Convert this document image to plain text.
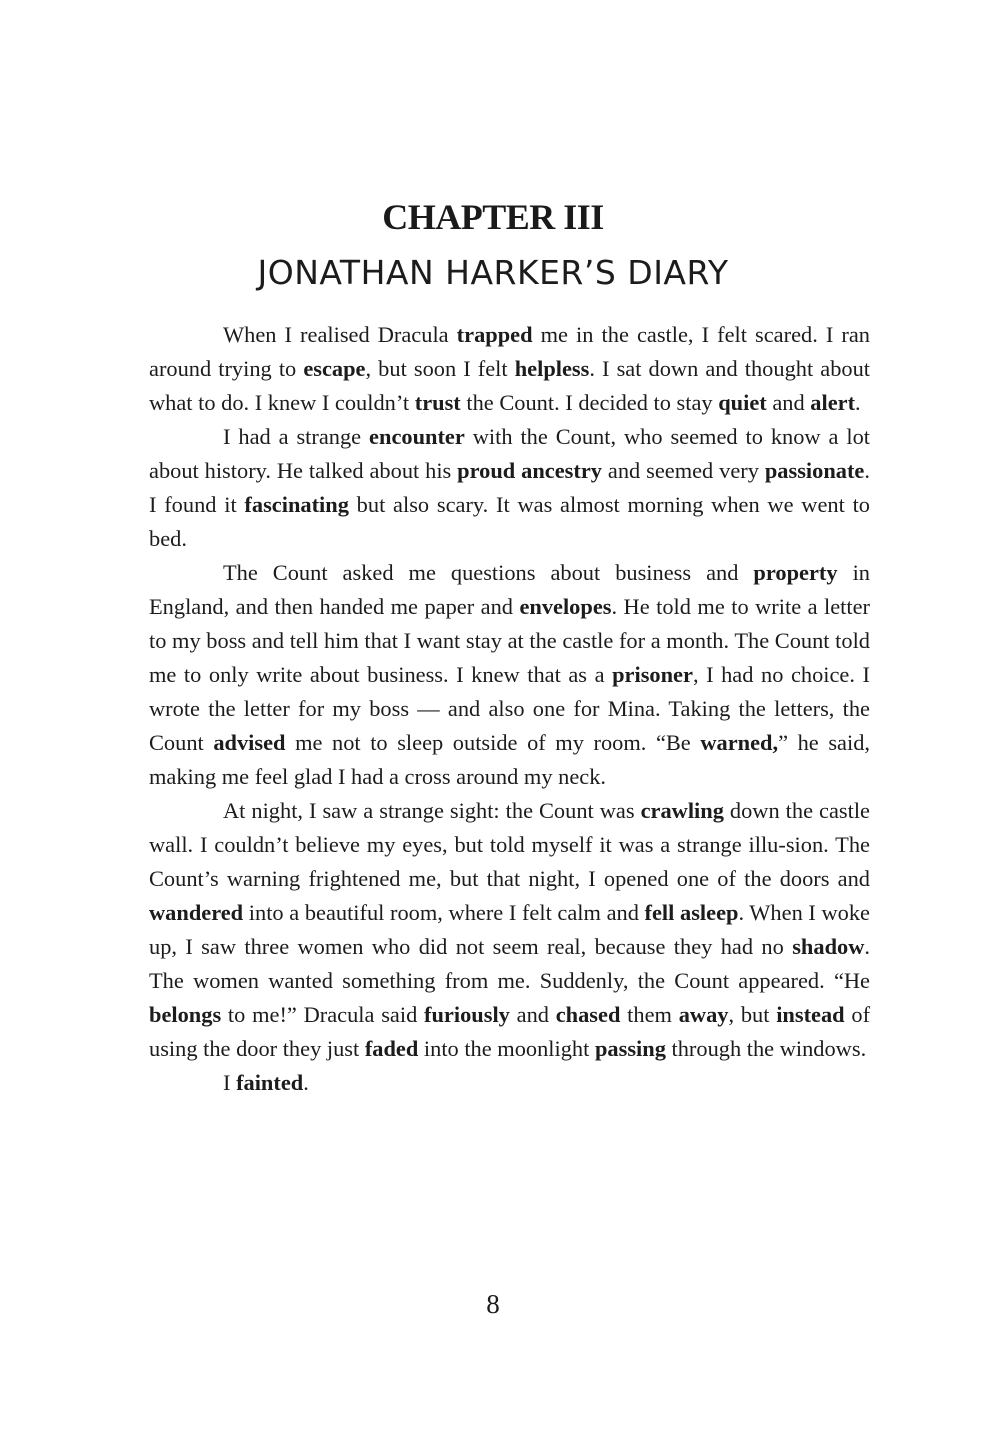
CHAPTER III
JONATHAN HARKER’S DIARY

When I realised Dracula trapped me in the castle, I felt scared. I ran around trying to escape, but soon I felt helpless. I sat down and thought about what to do. I knew I couldn’t trust the Count. I decided to stay quiet and alert.

I had a strange encounter with the Count, who seemed to know a lot about history. He talked about his proud ancestry and seemed very passionate. I found it fascinating but also scary. It was almost morning when we went to bed.

The Count asked me questions about business and property in England, and then handed me paper and envelopes. He told me to write a letter to my boss and tell him that I want stay at the castle for a month. The Count told me to only write about business. I knew that as a prisoner, I had no choice. I wrote the letter for my boss — and also one for Mina. Taking the letters, the Count advised me not to sleep outside of my room. “Be warned,” he said, making me feel glad I had a cross around my neck.

At night, I saw a strange sight: the Count was crawling down the castle wall. I couldn’t believe my eyes, but told myself it was a strange illu-sion. The Count’s warning frightened me, but that night, I opened one of the doors and wandered into a beautiful room, where I felt calm and fell asleep. When I woke up, I saw three women who did not seem real, because they had no shadow. The women wanted something from me. Suddenly, the Count appeared. “He belongs to me!” Dracula said furiously and chased them away, but instead of using the door they just faded into the moonlight passing through the windows.

I fainted.

8
